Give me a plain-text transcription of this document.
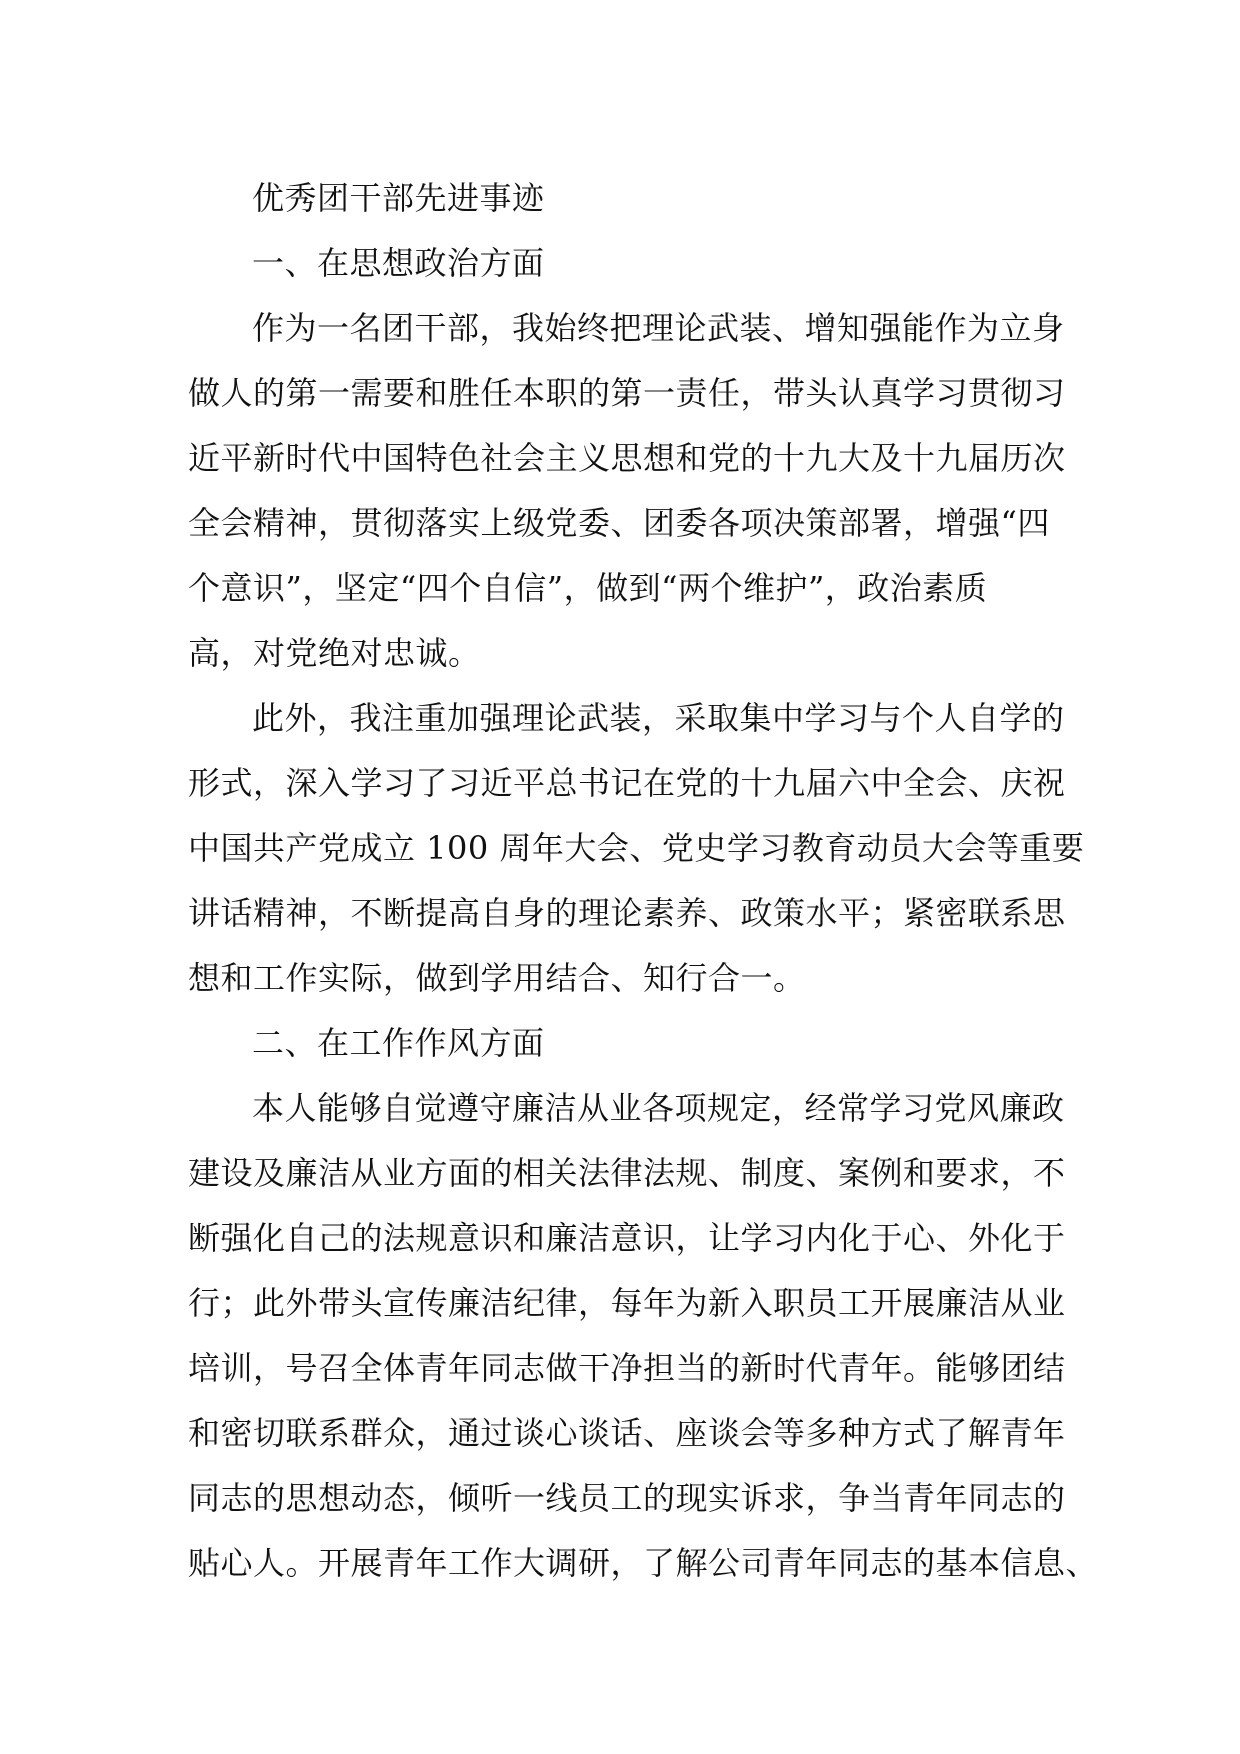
优秀团干部先进事迹
一、在思想政治方面
作为一名团干部，我始终把理论武装、增知强能作为立身
做人的第一需要和胜任本职的第一责任，带头认真学习贯彻习
近平新时代中国特色社会主义思想和党的十九大及十九届历次
全会精神，贯彻落实上级党委、团委各项决策部署，增强“四
个意识”，坚定“四个自信”，做到“两个维护”，政治素质
高，对党绝对忠诚。
此外，我注重加强理论武装，采取集中学习与个人自学的
形式，深入学习了习近平总书记在党的十九届六中全会、庆祝
中国共产党成立 100 周年大会、党史学习教育动员大会等重要
讲话精神，不断提高自身的理论素养、政策水平；紧密联系思
想和工作实际，做到学用结合、知行合一。
二、在工作作风方面
本人能够自觉遵守廉洁从业各项规定，经常学习党风廉政
建设及廉洁从业方面的相关法律法规、制度、案例和要求，不
断强化自己的法规意识和廉洁意识，让学习内化于心、外化于
行；此外带头宣传廉洁纪律，每年为新入职员工开展廉洁从业
培训，号召全体青年同志做干净担当的新时代青年。能够团结
和密切联系群众，通过谈心谈话、座谈会等多种方式了解青年
同志的思想动态，倾听一线员工的现实诉求，争当青年同志的
贴心人。开展青年工作大调研，了解公司青年同志的基本信息、
